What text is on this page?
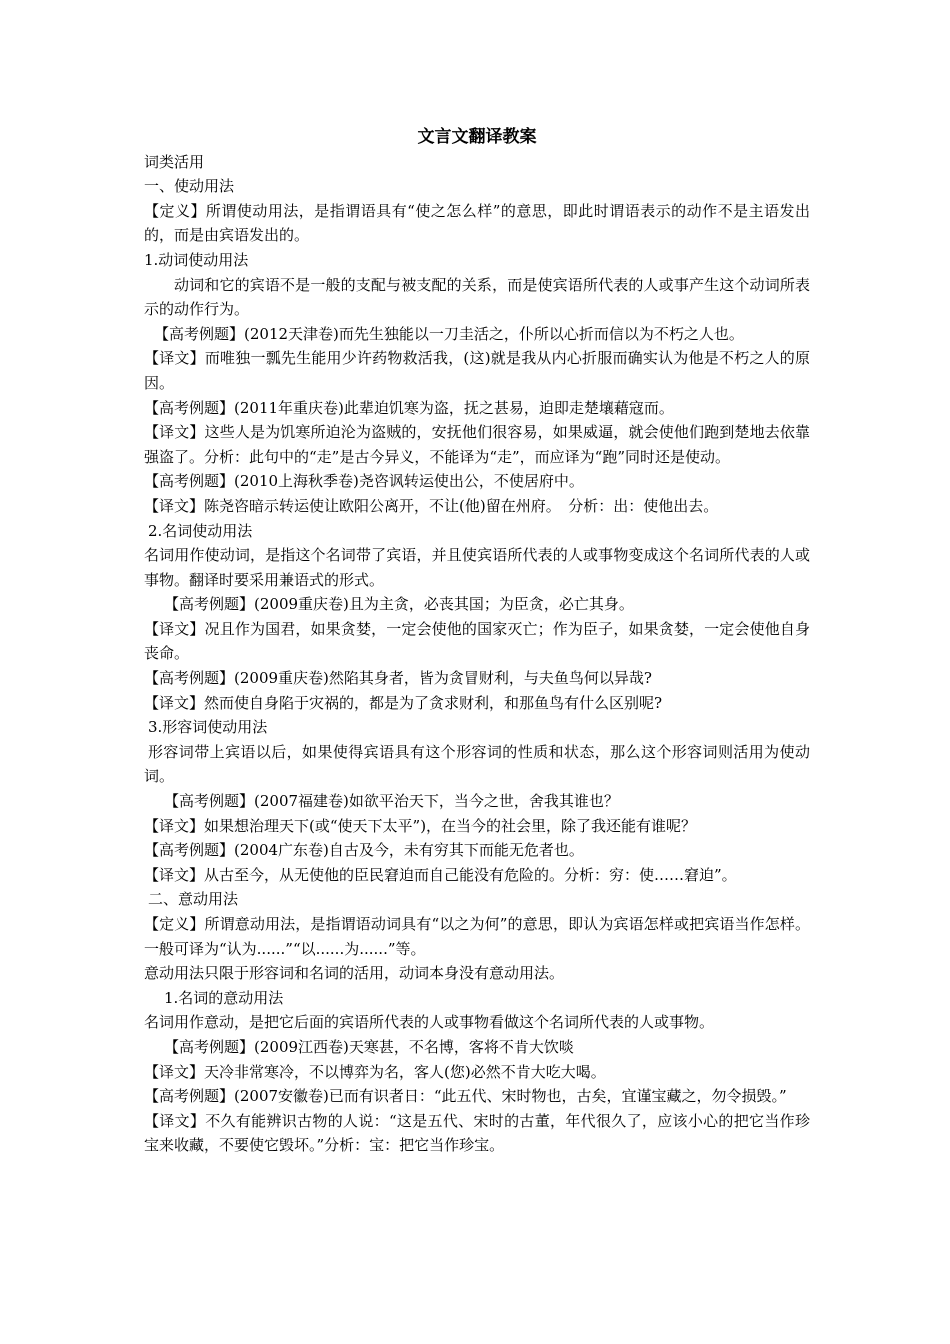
文言文翻译教案

词类活用

一、使动用法

【定义】所谓使动用法，是指谓语具有“使之怎么样”的意思，即此时谓语表示的动作不是主语发出的，而是由宾语发出的。

1.动词使动用法

动词和它的宾语不是一般的支配与被支配的关系，而是使宾语所代表的人或事产生这个动词所表示的动作行为。

【高考例题】(2012天津卷)而先生独能以一刀圭活之，仆所以心折而信以为不朽之人也。

【译文】而唯独一瓢先生能用少许药物救活我，(这)就是我从内心折服而确实认为他是不朽之人的原因。

【高考例题】(2011年重庆卷)此辈迫饥寒为盗，抚之甚易，迫即走楚壤藉寇而。

【译文】这些人是为饥寒所迫沦为盗贼的，安抚他们很容易，如果威逼，就会使他们跑到楚地去依靠强盗了。分析：此句中的“走”是古今异义，不能译为“走”，而应译为“跑”同时还是使动。

【高考例题】(2010上海秋季卷)尧咨讽转运使出公，不使居府中。

【译文】陈尧咨暗示转运使让欧阳公离开，不让(他)留在州府。　分析：出：使他出去。

2.名词使动用法

名词用作使动词，是指这个名词带了宾语，并且使宾语所代表的人或事物变成这个名词所代表的人或事物。翻译时要采用兼语式的形式。

【高考例题】(2009重庆卷)且为主贪，必丧其国；为臣贪，必亡其身。

【译文】况且作为国君，如果贪婪，一定会使他的国家灭亡；作为臣子，如果贪婪，一定会使他自身丧命。

【高考例题】(2009重庆卷)然陷其身者，皆为贪冒财利，与夫鱼鸟何以异哉?

【译文】然而使自身陷于灾祸的，都是为了贪求财利，和那鱼鸟有什么区别呢?

3.形容词使动用法

形容词带上宾语以后，如果使得宾语具有这个形容词的性质和状态，那么这个形容词则活用为使动词。

【高考例题】(2007福建卷)如欲平治天下，当今之世，舍我其谁也？

【译文】如果想治理天下(或“使天下太平”)，在当今的社会里，除了我还能有谁呢？

【高考例题】(2004广东卷)自古及今，未有穷其下而能无危者也。

【译文】从古至今，从无使他的臣民窘迫而自己能没有危险的。分析：穷：使……窘迫”。

二、意动用法

【定义】所谓意动用法，是指谓语动词具有“以之为何”的意思，即认为宾语怎样或把宾语当作怎样。一般可译为“认为......”“以......为......”等。

意动用法只限于形容词和名词的活用，动词本身没有意动用法。

1.名词的意动用法

名词用作意动，是把它后面的宾语所代表的人或事物看做这个名词所代表的人或事物。

【高考例题】(2009江西卷)天寒甚，不名博，客将不肯大饮啖

【译文】天冷非常寒冷，不以博弈为名，客人(您)必然不肯大吃大喝。

【高考例题】(2007安徽卷)已而有识者日：“此五代、宋时物也，古矣，宜谨宝藏之，勿令损毁。”

【译文】不久有能辨识古物的人说：“这是五代、宋时的古董，年代很久了，应该小心的把它当作珍宝来收藏，不要使它毁坏。”分析：宝：把它当作珍宝。
